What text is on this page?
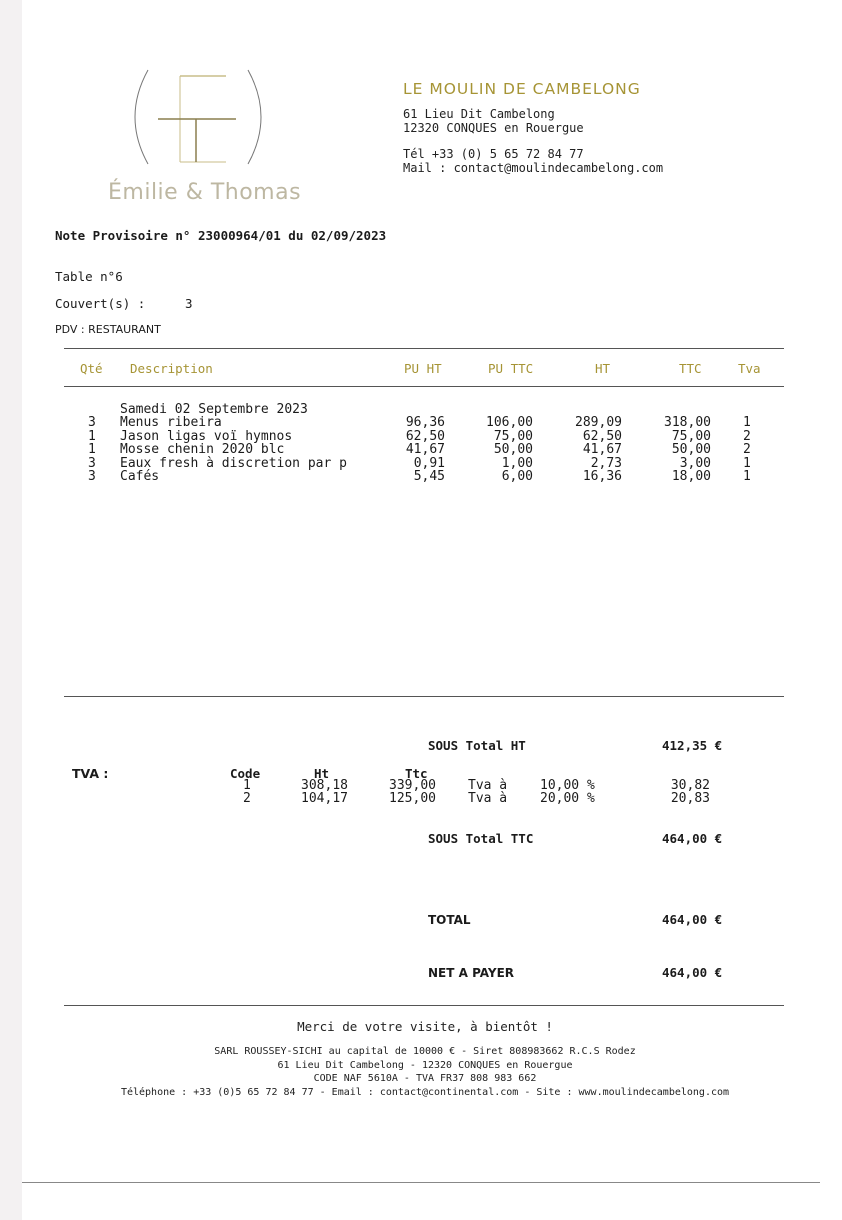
Émilie & Thomas
LE MOULIN DE CAMBELONG
61 Lieu Dit Cambelong
12320 CONQUES en Rouergue
Tél +33 (0) 5 65 72 84 77
Mail : contact@moulindecambelong.com
Note Provisoire n° 23000964/01 du 02/09/2023
Table n°6
Couvert(s) :	3
PDV : RESTAURANT
Qté Description	PU HT	PU TTC	HT	TTC	Tva
Samedi 02 Septembre 2023
3 Menus ribeira	96,36	106,00	289,09	318,00 1
1 Jason ligas voï hymnos	62,50	75,00	62,50	75,00 2
1 Mosse chenin 2020 blc	41,67	50,00	41,67	50,00 2
3 Eaux fresh à discretion par p	0,91	1,00	2,73	3,00 1
3 Cafés	5,45	6,00	16,36	18,00 1
SOUS Total HT	412,35 €
TVA :	Code	Ht	Ttc
1	308,18	339,00 Tva à	10,00 %	30,82
2	104,17	125,00 Tva à	20,00 %	20,83
SOUS Total TTC	464,00 €
TOTAL	464,00 €
NET A PAYER	464,00 €
Merci de votre visite, à bientôt !
SARL ROUSSEY-SICHI au capital de 10000 € - Siret 808983662 R.C.S Rodez
61 Lieu Dit Cambelong - 12320 CONQUES en Rouergue
CODE NAF 5610A - TVA FR37 808 983 662
Téléphone : +33 (0)5 65 72 84 77 - Email : contact@continental.com - Site : www.moulindecambelong.com
